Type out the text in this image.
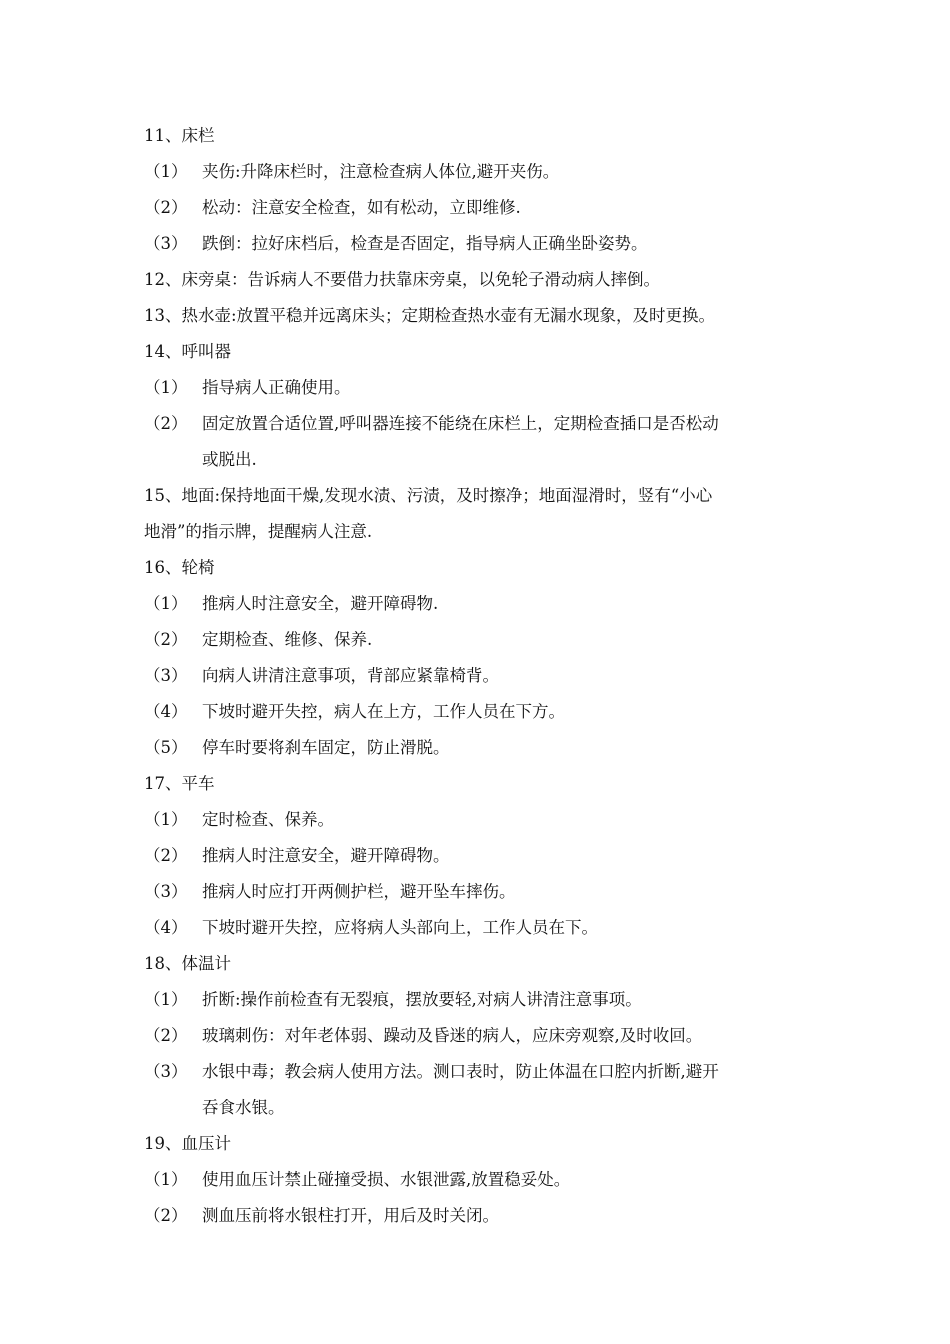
11、床栏
（1） 夹伤:升降床栏时，注意检查病人体位,避开夹伤。
（2） 松动：注意安全检查，如有松动，立即维修.
（3） 跌倒：拉好床档后，检查是否固定，指导病人正确坐卧姿势。
12、床旁桌：告诉病人不要借力扶靠床旁桌，以免轮子滑动病人摔倒。
13、热水壶:放置平稳并远离床头；定期检查热水壶有无漏水现象，及时更换。
14、呼叫器
（1） 指导病人正确使用。
（2） 固定放置合适位置,呼叫器连接不能绕在床栏上，定期检查插口是否松动
或脱出.
15、地面:保持地面干燥,发现水渍、污渍，及时擦净；地面湿滑时，竖有“小心
地滑”的指示牌，提醒病人注意.
16、轮椅
（1） 推病人时注意安全，避开障碍物.
（2） 定期检查、维修、保养.
（3） 向病人讲清注意事项，背部应紧靠椅背。
（4） 下坡时避开失控，病人在上方，工作人员在下方。
（5） 停车时要将刹车固定，防止滑脱。
17、平车
（1） 定时检查、保养。
（2） 推病人时注意安全，避开障碍物。
（3） 推病人时应打开两侧护栏，避开坠车摔伤。
（4） 下坡时避开失控，应将病人头部向上，工作人员在下。
18、体温计
（1） 折断:操作前检查有无裂痕，摆放要轻,对病人讲清注意事项。
（2） 玻璃刺伤：对年老体弱、躁动及昏迷的病人，应床旁观察,及时收回。
（3） 水银中毒；教会病人使用方法。测口表时，防止体温在口腔内折断,避开
吞食水银。
19、血压计
（1） 使用血压计禁止碰撞受损、水银泄露,放置稳妥处。
（2） 测血压前将水银柱打开，用后及时关闭。
